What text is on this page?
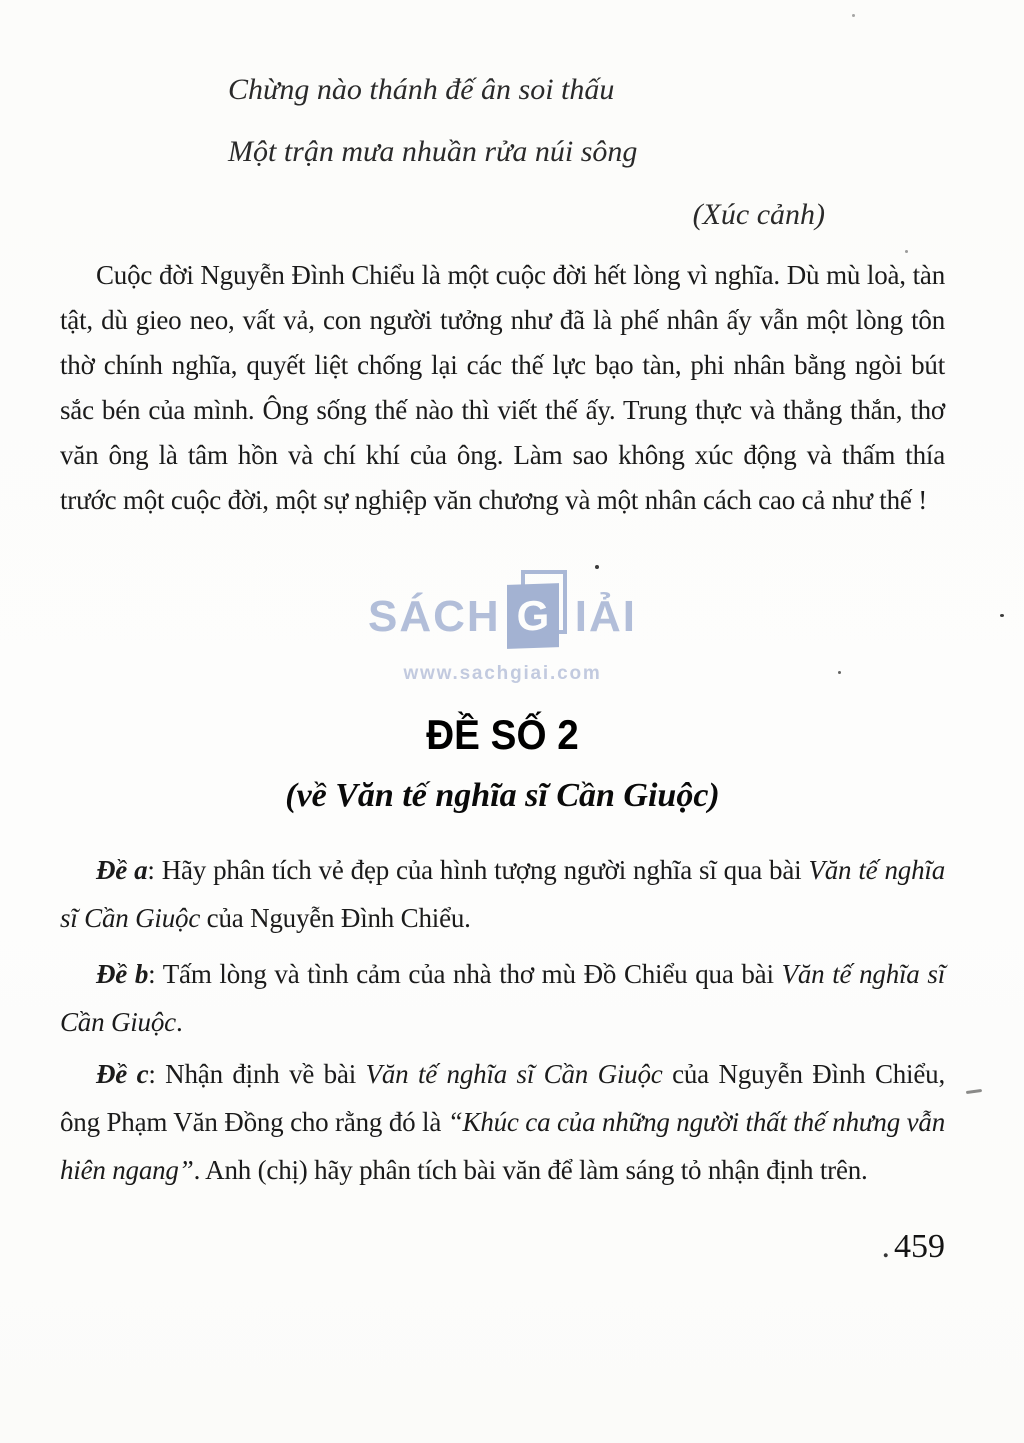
Chừng nào thánh đế ân soi thấu
Một trận mưa nhuần rửa núi sông
(Xúc cảnh)

Cuộc đời Nguyễn Đình Chiểu là một cuộc đời hết lòng vì nghĩa. Dù mù loà, tàn tật, dù gieo neo, vất vả, con người tưởng như đã là phế nhân ấy vẫn một lòng tôn thờ chính nghĩa, quyết liệt chống lại các thế lực bạo tàn, phi nhân bằng ngòi bút sắc bén của mình. Ông sống thế nào thì viết thế ấy. Trung thực và thẳng thắn, thơ văn ông là tâm hồn và chí khí của ông. Làm sao không xúc động và thấm thía trước một cuộc đời, một sự nghiệp văn chương và một nhân cách cao cả như thế !

SÁCH G IẢI
www.sachgiai.com
ĐỀ SỐ 2
(về Văn tế nghĩa sĩ Cần Giuộc)

Đề a: Hãy phân tích vẻ đẹp của hình tượng người nghĩa sĩ qua bài Văn tế nghĩa sĩ Cần Giuộc của Nguyễn Đình Chiểu.

Đề b: Tấm lòng và tình cảm của nhà thơ mù Đồ Chiểu qua bài Văn tế nghĩa sĩ Cần Giuộc.

Đề c: Nhận định về bài Văn tế nghĩa sĩ Cần Giuộc của Nguyễn Đình Chiểu, ông Phạm Văn Đồng cho rằng đó là “Khúc ca của những người thất thế nhưng vẫn hiên ngang”. Anh (chị) hãy phân tích bài văn để làm sáng tỏ nhận định trên.

. 459
